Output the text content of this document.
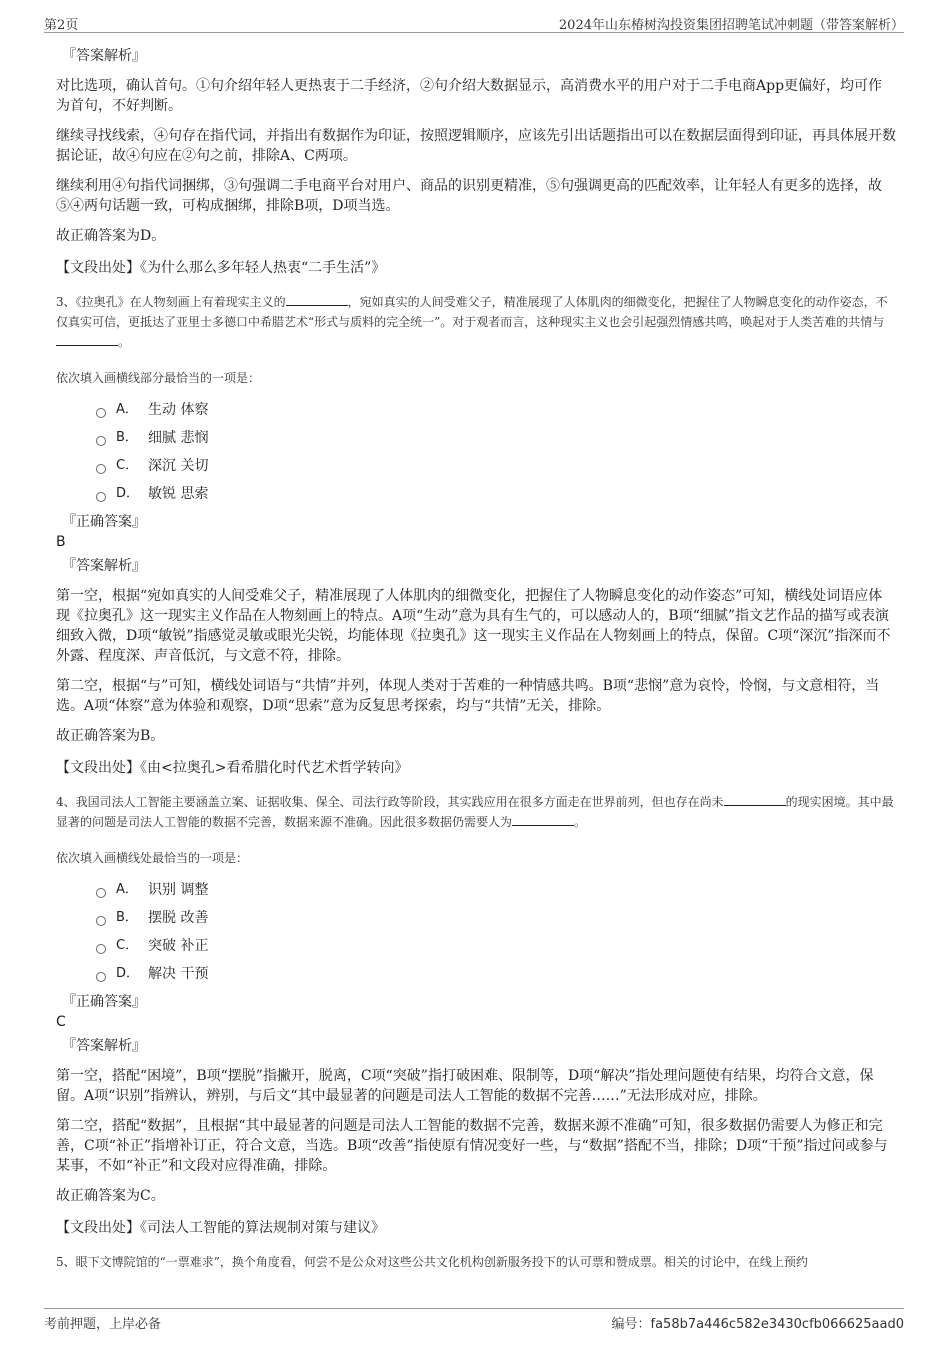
第2页	2024年山东椿树沟投资集团招聘笔试冲刺题（带答案解析）
『答案解析』
对比选项，确认首句。①句介绍年轻人更热衷于二手经济，②句介绍大数据显示，高消费水平的用户对于二手电商App更偏好，均可作为首句，不好判断。
继续寻找线索，④句存在指代词，并指出有数据作为印证，按照逻辑顺序，应该先引出话题指出可以在数据层面得到印证，再具体展开数据论证，故④句应在②句之前，排除A、C两项。
继续利用④句指代词捆绑，③句强调二手电商平台对用户、商品的识别更精准，⑤句强调更高的匹配效率，让年轻人有更多的选择，故⑤④两句话题一致，可构成捆绑，排除B项，D项当选。
故正确答案为D。
【文段出处】《为什么那么多年轻人热衷“二手生活”》
3、《拉奥孔》在人物刻画上有着现实主义的	，宛如真实的人间受难父子，精准展现了人体肌肉的细微变化，把握住了人物瞬息变化的动作姿态，不仅真实可信，更抵达了亚里士多德口中希腊艺术“形式与质料的完全统一”。对于观者而言，这种现实主义也会引起强烈情感共鸣，唤起对于人类苦难的共情与。
依次填入画横线部分最恰当的一项是：
A． 生动 体察
B． 细腻 悲悯
C． 深沉 关切
D． 敏锐 思索
『正确答案』
B
『答案解析』
第一空，根据“宛如真实的人间受难父子，精准展现了人体肌肉的细微变化，把握住了人物瞬息变化的动作姿态”可知，横线处词语应体现《拉奥孔》这一现实主义作品在人物刻画上的特点。A项“生动”意为具有生气的，可以感动人的，B项“细腻”指文艺作品的描写或表演细致入微，D项“敏锐”指感觉灵敏或眼光尖锐，均能体现《拉奥孔》这一现实主义作品在人物刻画上的特点，保留。C项“深沉”指深而不外露、程度深、声音低沉，与文意不符，排除。
第二空，根据“与”可知，横线处词语与“共情”并列，体现人类对于苦难的一种情感共鸣。B项“悲悯”意为哀怜，怜悯，与文意相符，当选。A项“体察”意为体验和观察，D项“思索”意为反复思考探索，均与“共情”无关，排除。
故正确答案为B。
【文段出处】《由<拉奥孔>看希腊化时代艺术哲学转向》
4、我国司法人工智能主要涵盖立案、证据收集、保全、司法行政等阶段，其实践应用在很多方面走在世界前列，但也存在尚未	的现实困境。其中最显著的问题是司法人工智能的数据不完善，数据来源不准确。因此很多数据仍需要人为	。
依次填入画横线处最恰当的一项是：
A． 识别 调整
B． 摆脱 改善
C． 突破 补正
D． 解决 干预
『正确答案』
C
『答案解析』
第一空，搭配“困境”，B项“摆脱”指撇开，脱离，C项“突破”指打破困难、限制等，D项“解决”指处理问题使有结果，均符合文意，保留。A项“识别”指辨认，辨别，与后文“其中最显著的问题是司法人工智能的数据不完善……”无法形成对应，排除。
第二空，搭配“数据”，且根据“其中最显著的问题是司法人工智能的数据不完善，数据来源不准确”可知，很多数据仍需要人为修正和完善，C项“补正”指增补订正，符合文意，当选。B项“改善”指使原有情况变好一些，与“数据”搭配不当，排除；D项“干预”指过问或参与某事，不如“补正”和文段对应得准确，排除。
故正确答案为C。
【文段出处】《司法人工智能的算法规制对策与建议》
5、眼下文博院馆的“一票难求”，换个角度看，何尝不是公众对这些公共文化机构创新服务投下的认可票和赞成票。相关的讨论中，在线上预约
考前押题，上岸必备	编号：fa58b7a446c582e3430cfb066625aad0
